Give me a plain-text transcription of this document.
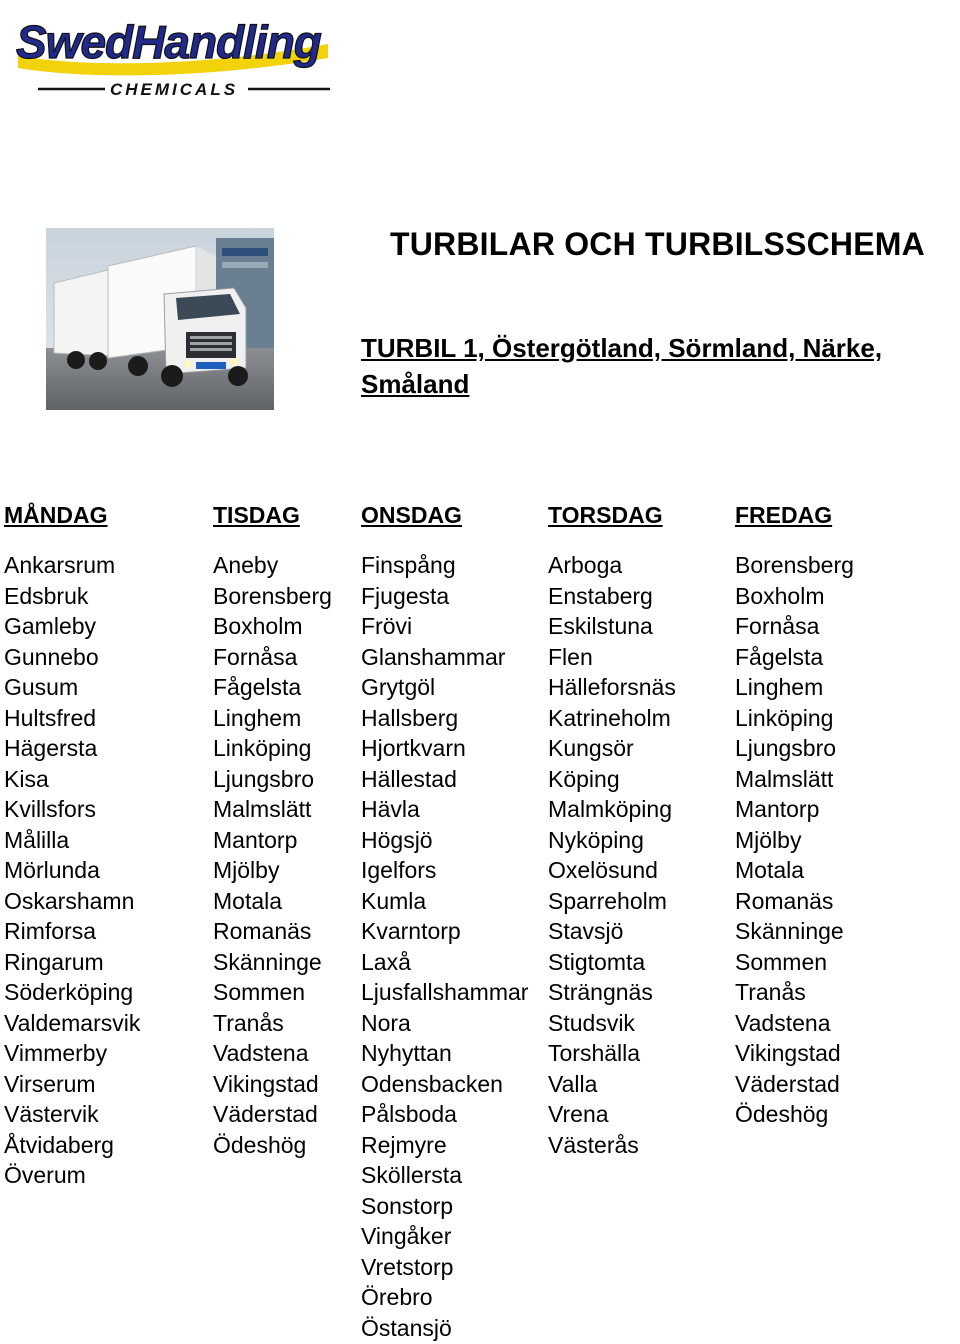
SwedHandling
CHEMICALS
TURBILAR OCH TURBILSSCHEMA
TURBIL 1, Östergötland, Sörmland, Närke, Småland
MÅNDAG
Ankarsrum
Edsbruk
Gamleby
Gunnebo
Gusum
Hultsfred
Hägersta
Kisa
Kvillsfors
Målilla
Mörlunda
Oskarshamn
Rimforsa
Ringarum
Söderköping
Valdemarsvik
Vimmerby
Virserum
Västervik
Åtvidaberg
Överum
TISDAG
Aneby
Borensberg
Boxholm
Fornåsa
Fågelsta
Linghem
Linköping
Ljungsbro
Malmslätt
Mantorp
Mjölby
Motala
Romanäs
Skänninge
Sommen
Tranås
Vadstena
Vikingstad
Väderstad
Ödeshög
ONSDAG
Finspång
Fjugesta
Frövi
Glanshammar
Grytgöl
Hallsberg
Hjortkvarn
Hällestad
Hävla
Högsjö
Igelfors
Kumla
Kvarntorp
Laxå
Ljusfallshammar
Nora
Nyhyttan
Odensbacken
Pålsboda
Rejmyre
Sköllersta
Sonstorp
Vingåker
Vretstorp
Örebro
Östansjö
TORSDAG
Arboga
Enstaberg
Eskilstuna
Flen
Hälleforsnäs
Katrineholm
Kungsör
Köping
Malmköping
Nyköping
Oxelösund
Sparreholm
Stavsjö
Stigtomta
Strängnäs
Studsvik
Torshälla
Valla
Vrena
Västerås
FREDAG
Borensberg
Boxholm
Fornåsa
Fågelsta
Linghem
Linköping
Ljungsbro
Malmslätt
Mantorp
Mjölby
Motala
Romanäs
Skänninge
Sommen
Tranås
Vadstena
Vikingstad
Väderstad
Ödeshög
